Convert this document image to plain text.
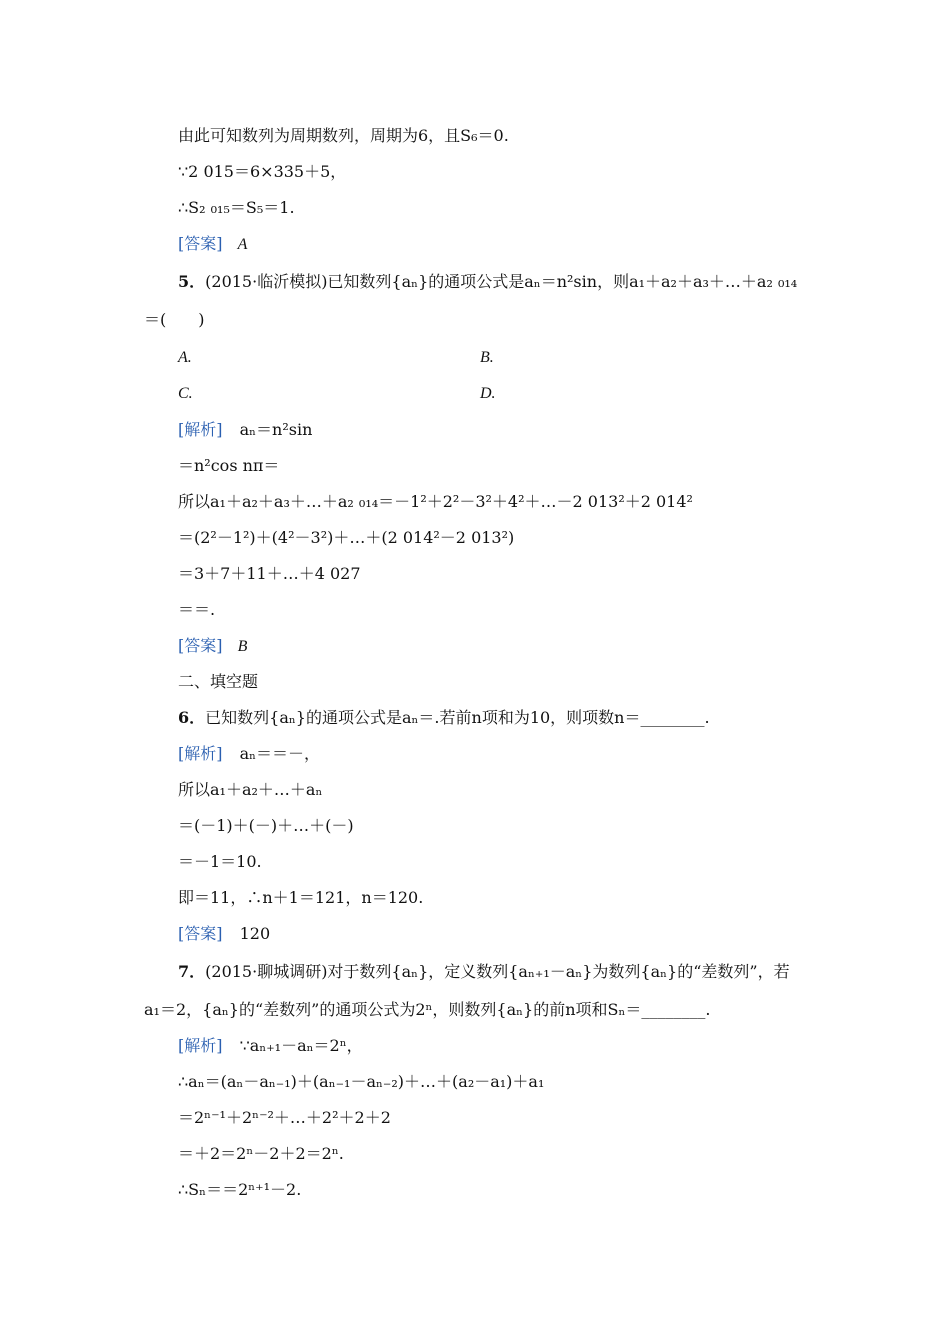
由此可知数列为周期数列，周期为6，且S₆＝0.
∵2 015＝6×335＋5，
∴S₂ ₀₁₅＝S₅＝1.
[答案] A
5．(2015·临沂模拟)已知数列{aₙ}的通项公式是aₙ＝n²sin，则a₁＋a₂＋a₃＋…＋a₂ ₀₁₄
＝(　　)
A.	B.
C.	D.
[解析] aₙ＝n²sin
＝n²cos nπ＝
所以a₁＋a₂＋a₃＋…＋a₂ ₀₁₄＝－1²＋2²－3²＋4²＋…－2 013²＋2 014²
＝(2²－1²)＋(4²－3²)＋…＋(2 014²－2 013²)
＝3＋7＋11＋…＋4 027
＝＝.
[答案] B
二、填空题
6．已知数列{aₙ}的通项公式是aₙ＝.若前n项和为10，则项数n＝________.
[解析] aₙ＝＝－，
所以a₁＋a₂＋…＋aₙ
＝(－1)＋(－)＋…＋(－)
＝－1＝10.
即＝11，∴n＋1＝121，n＝120.
[答案] 120
7．(2015·聊城调研)对于数列{aₙ}，定义数列{aₙ₊₁－aₙ}为数列{aₙ}的“差数列”，若
a₁＝2，{aₙ}的“差数列”的通项公式为2ⁿ，则数列{aₙ}的前n项和Sₙ＝________.
[解析] ∵aₙ₊₁－aₙ＝2ⁿ，
∴aₙ＝(aₙ－aₙ₋₁)＋(aₙ₋₁－aₙ₋₂)＋…＋(a₂－a₁)＋a₁
＝2ⁿ⁻¹＋2ⁿ⁻²＋…＋2²＋2＋2
＝＋2＝2ⁿ－2＋2＝2ⁿ.
∴Sₙ＝＝2ⁿ⁺¹－2.
